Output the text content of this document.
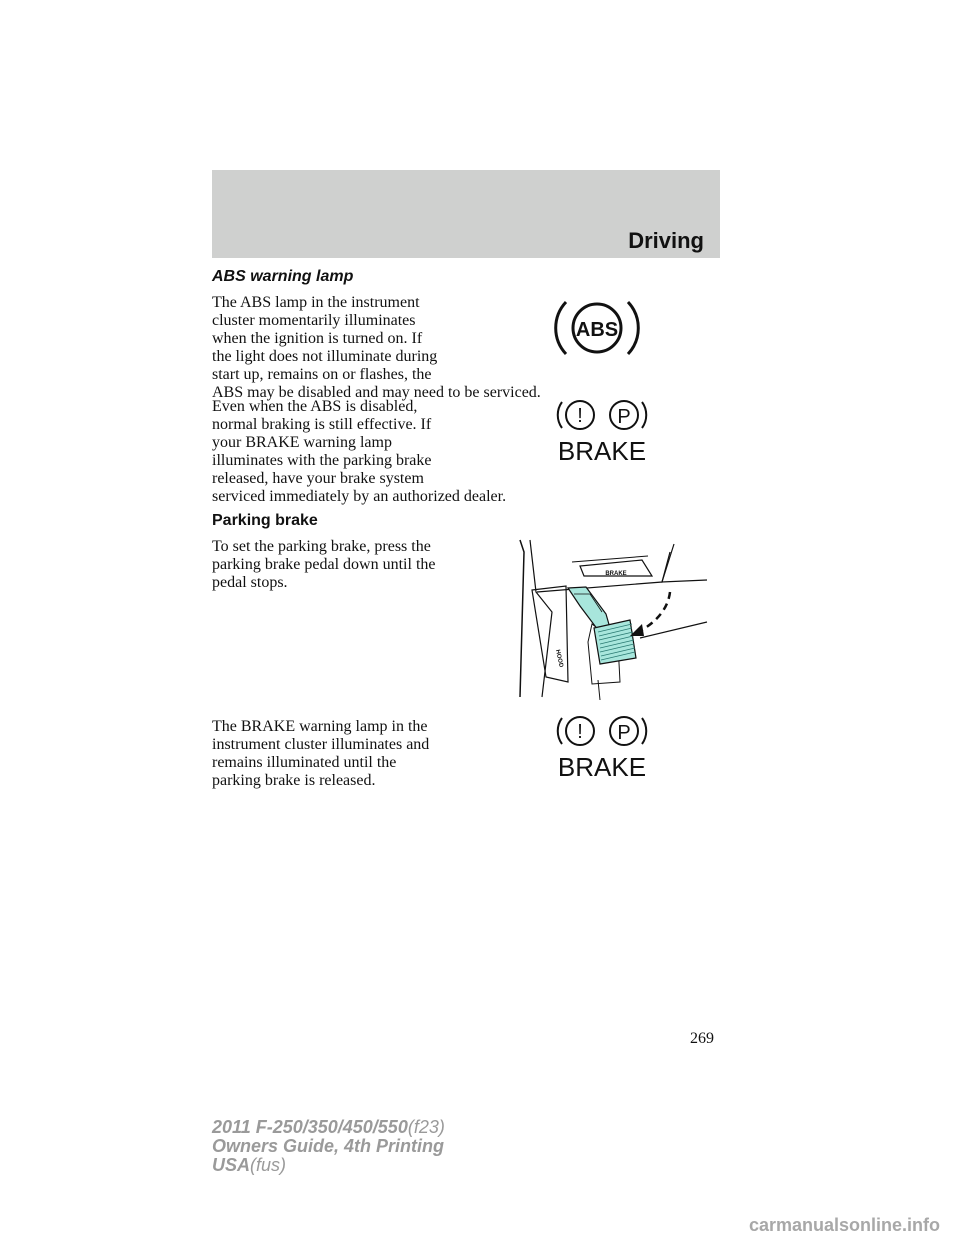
Driving

ABS warning lamp

The ABS lamp in the instrument
cluster momentarily illuminates
when the ignition is turned on. If
the light does not illuminate during
start up, remains on or flashes, the
ABS may be disabled and may need to be serviced.

ABS

Even when the ABS is disabled,
normal braking is still effective. If
your BRAKE warning lamp
illuminates with the parking brake
released, have your brake system
serviced immediately by an authorized dealer.

! P
BRAKE

Parking brake

To set the parking brake, press the
parking brake pedal down until the
pedal stops.	BRAKE
HOOD

The BRAKE warning lamp in the
instrument cluster illuminates and
remains illuminated until the
parking brake is released.

! P
BRAKE
269
2011 F-250/350/450/550(f23)
Owners Guide, 4th Printing
USA(fus)
carmanualsonline.info
